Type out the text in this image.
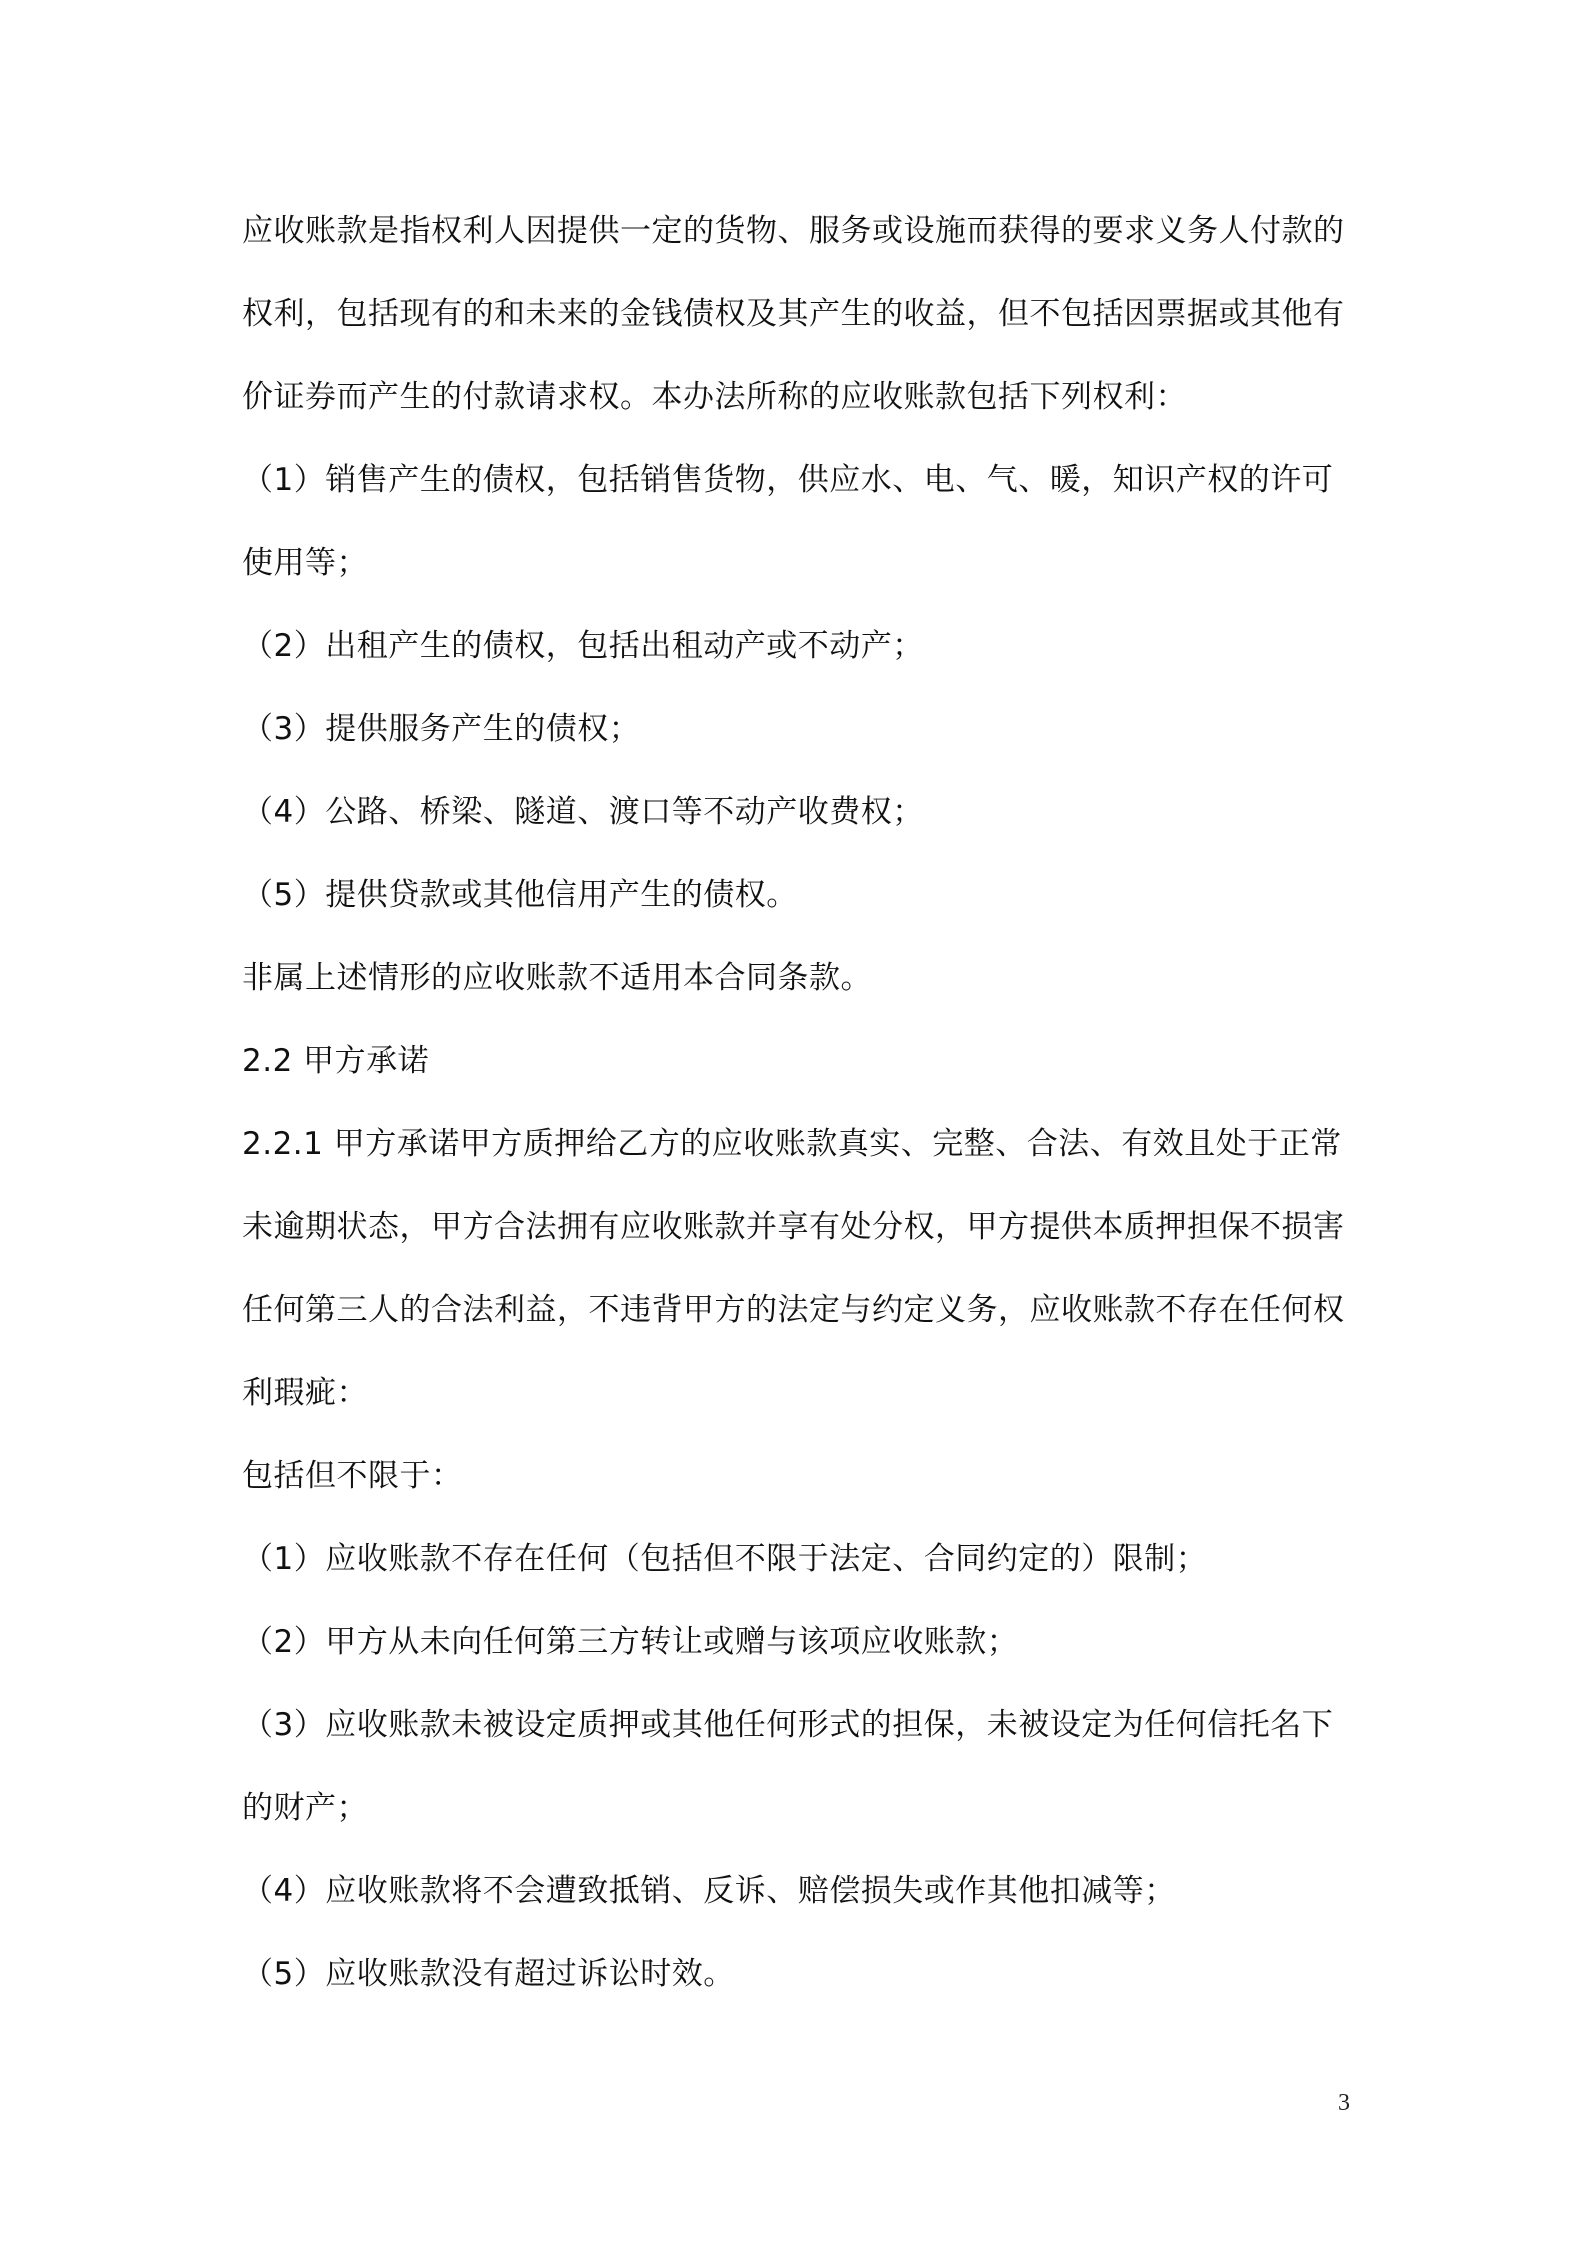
应收账款是指权利人因提供一定的货物、服务或设施而获得的要求义务人付款的
权利，包括现有的和未来的金钱债权及其产生的收益，但不包括因票据或其他有
价证券而产生的付款请求权。本办法所称的应收账款包括下列权利：
（1）销售产生的债权，包括销售货物，供应水、电、气、暖，知识产权的许可
使用等；
（2）出租产生的债权，包括出租动产或不动产；
（3）提供服务产生的债权；
（4）公路、桥梁、隧道、渡口等不动产收费权；
（5）提供贷款或其他信用产生的债权。
非属上述情形的应收账款不适用本合同条款。
2.2 甲方承诺
2.2.1 甲方承诺甲方质押给乙方的应收账款真实、完整、合法、有效且处于正常
未逾期状态，甲方合法拥有应收账款并享有处分权，甲方提供本质押担保不损害
任何第三人的合法利益，不违背甲方的法定与约定义务，应收账款不存在任何权
利瑕疵：
包括但不限于：
（1）应收账款不存在任何（包括但不限于法定、合同约定的）限制；
（2）甲方从未向任何第三方转让或赠与该项应收账款；
（3）应收账款未被设定质押或其他任何形式的担保，未被设定为任何信托名下
的财产；
（4）应收账款将不会遭致抵销、反诉、赔偿损失或作其他扣减等；
（5）应收账款没有超过诉讼时效。
3
